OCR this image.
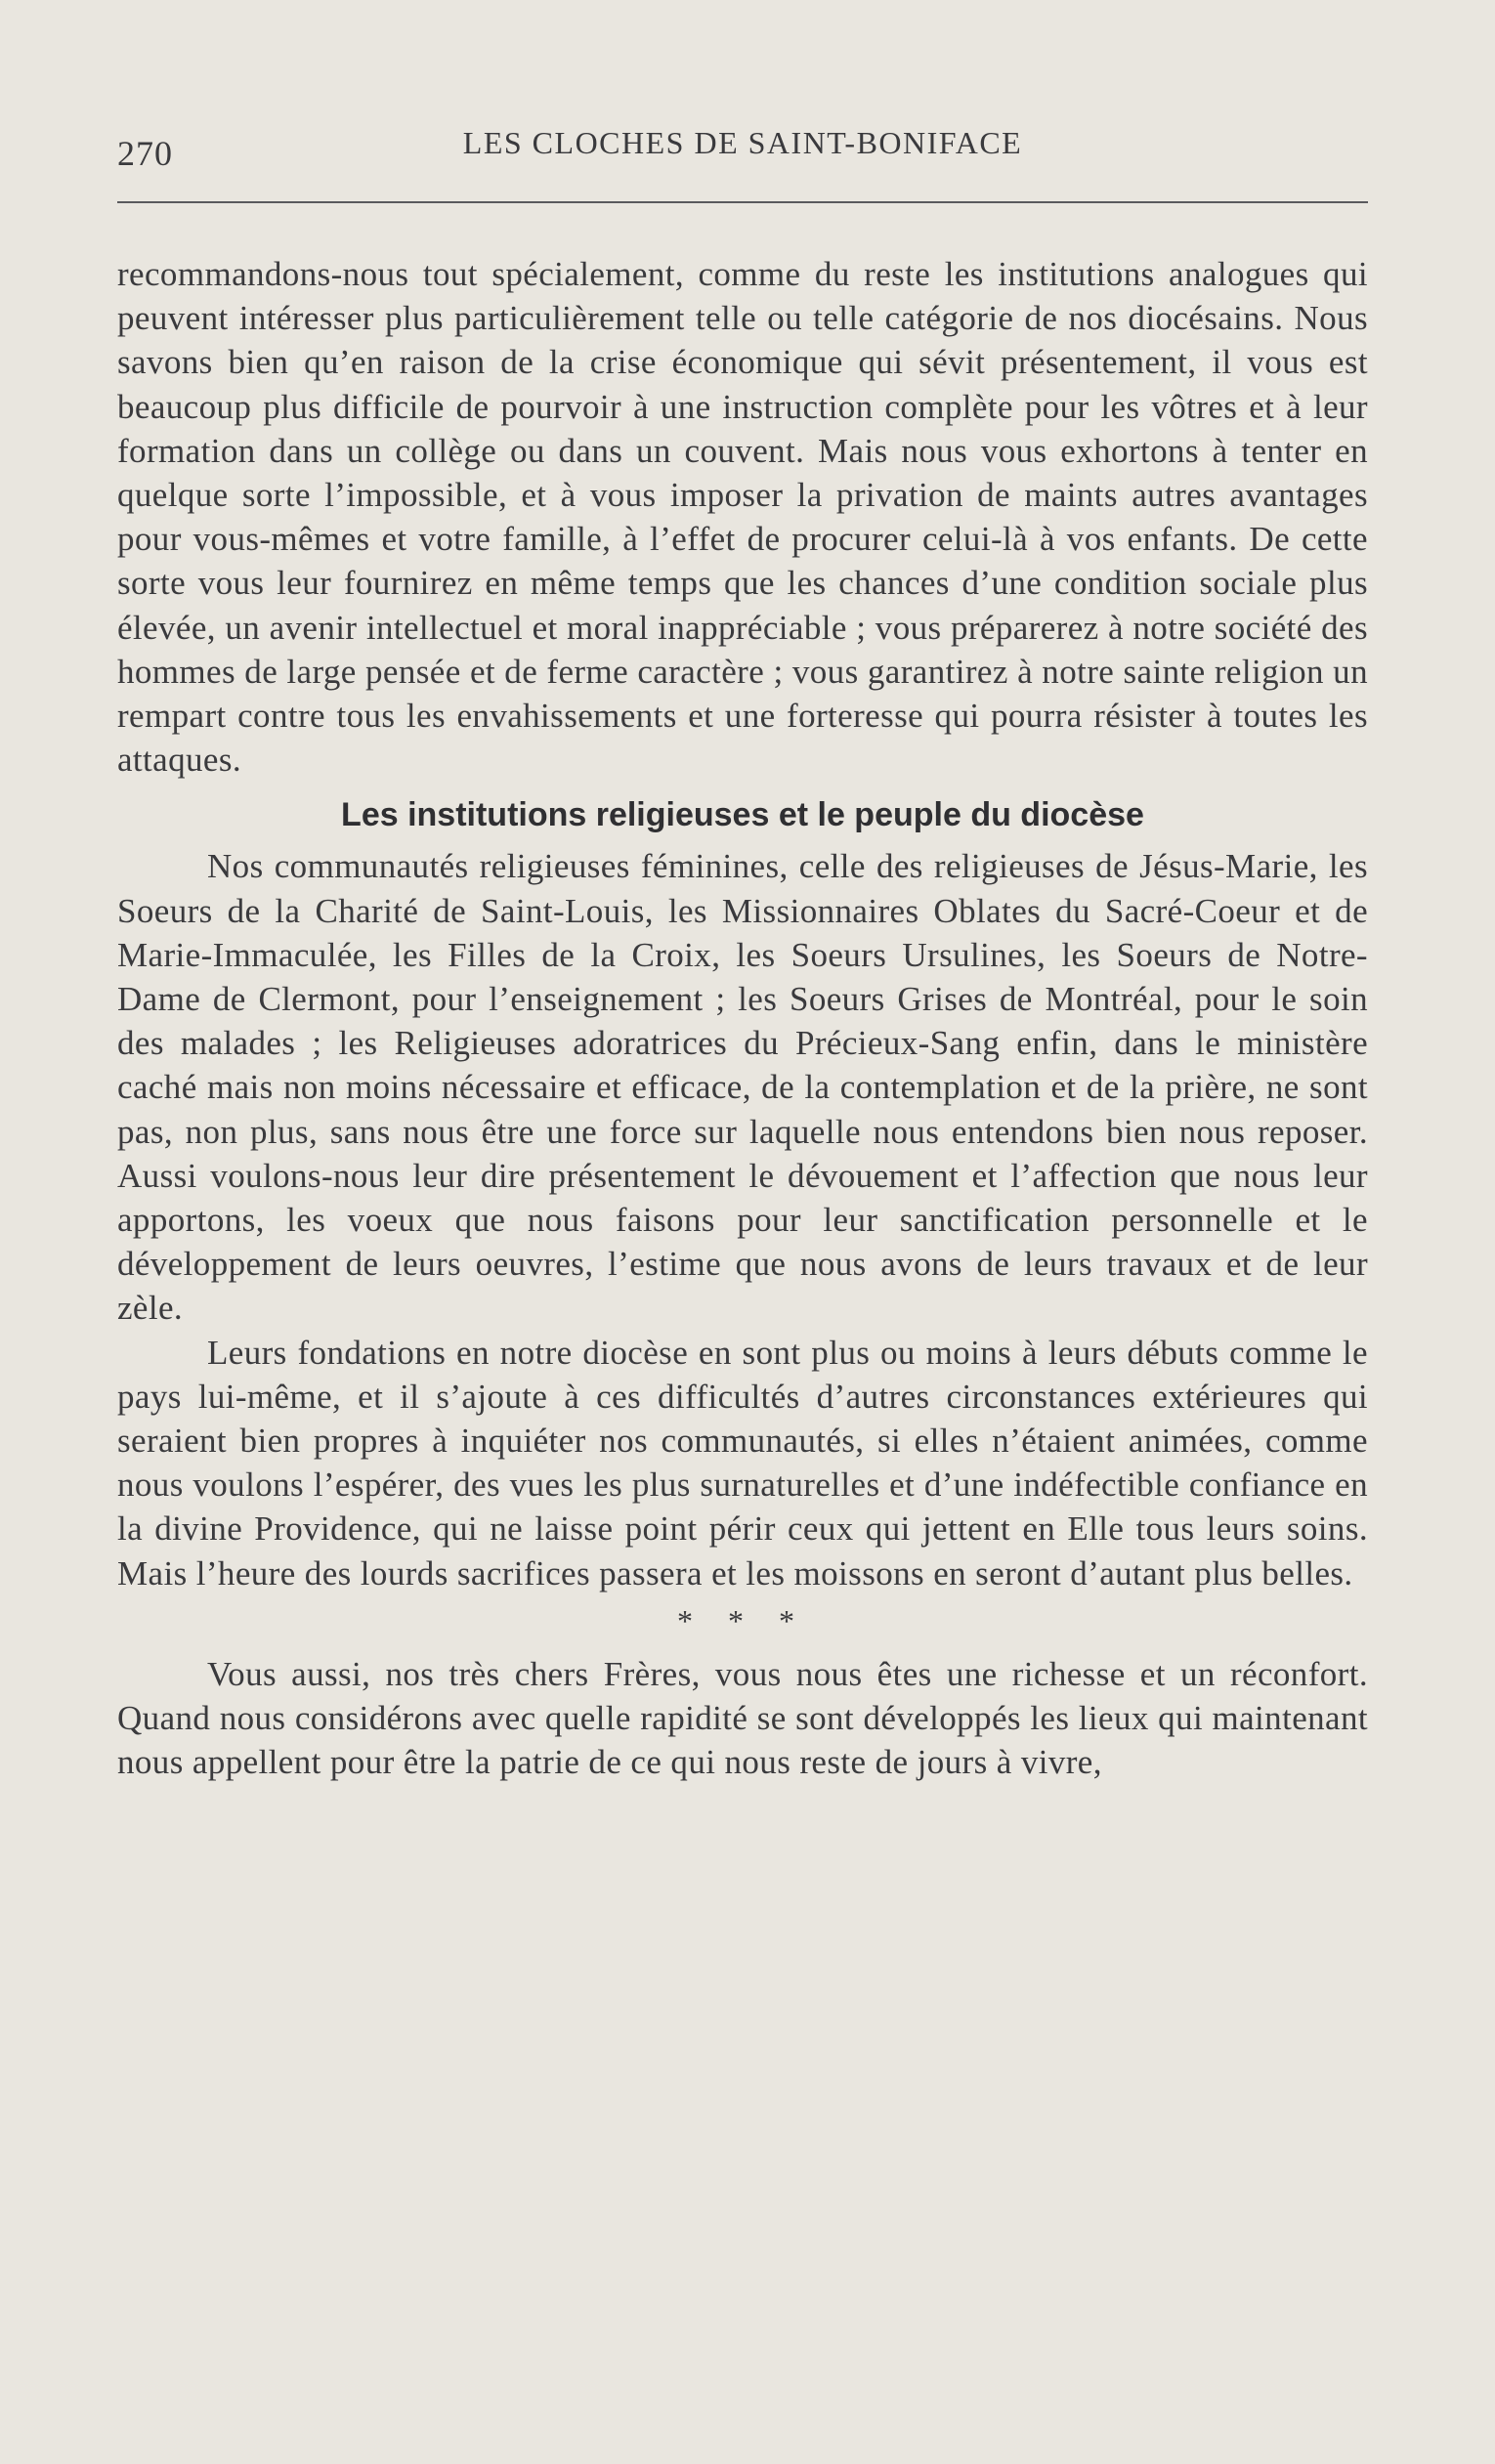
270	LES CLOCHES DE SAINT-BONIFACE

recommandons-nous tout spécialement, comme du reste les institutions analogues qui peuvent intéresser plus particulièrement telle ou telle catégorie de nos diocésains. Nous savons bien qu’en raison de la crise économique qui sévit présentement, il vous est beaucoup plus difficile de pourvoir à une instruction complète pour les vôtres et à leur formation dans un collège ou dans un couvent. Mais nous vous exhortons à tenter en quelque sorte l’impossible, et à vous imposer la privation de maints autres avantages pour vous-mêmes et votre famille, à l’effet de procurer celui-là à vos enfants. De cette sorte vous leur fournirez en même temps que les chances d’une condition sociale plus élevée, un avenir intellectuel et moral inappréciable ; vous préparerez à notre société des hommes de large pensée et de ferme caractère ; vous garantirez à notre sainte religion un rempart contre tous les envahissements et une forteresse qui pourra résister à toutes les attaques.

Les institutions religieuses et le peuple du diocèse

Nos communautés religieuses féminines, celle des religieuses de Jésus-Marie, les Soeurs de la Charité de Saint-Louis, les Missionnaires Oblates du Sacré-Coeur et de Marie-Immaculée, les Filles de la Croix, les Soeurs Ursulines, les Soeurs de Notre-Dame de Clermont, pour l’enseignement ; les Soeurs Grises de Montréal, pour le soin des malades ; les Religieuses adoratrices du Précieux-Sang enfin, dans le ministère caché mais non moins nécessaire et efficace, de la contemplation et de la prière, ne sont pas, non plus, sans nous être une force sur laquelle nous entendons bien nous reposer. Aussi voulons-nous leur dire présentement le dévouement et l’affection que nous leur apportons, les voeux que nous faisons pour leur sanctification personnelle et le développement de leurs oeuvres, l’estime que nous avons de leurs travaux et de leur zèle.

Leurs fondations en notre diocèse en sont plus ou moins à leurs débuts comme le pays lui-même, et il s’ajoute à ces difficultés d’autres circonstances extérieures qui seraient bien propres à inquiéter nos communautés, si elles n’étaient animées, comme nous voulons l’espérer, des vues les plus surnaturelles et d’une indéfectible confiance en la divine Providence, qui ne laisse point périr ceux qui jettent en Elle tous leurs soins. Mais l’heure des lourds sacrifices passera et les moissons en seront d’autant plus belles.

* * *

Vous aussi, nos très chers Frères, vous nous êtes une richesse et un réconfort. Quand nous considérons avec quelle rapidité se sont développés les lieux qui maintenant nous appellent pour être la patrie de ce qui nous reste de jours à vivre,
